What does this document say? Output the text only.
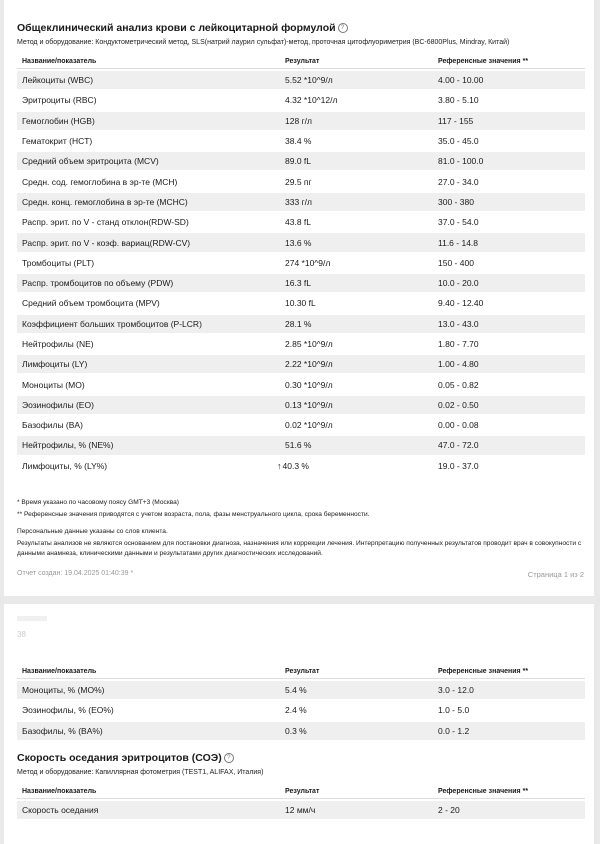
Общеклинический анализ крови с лейкоцитарной формулой ?
Метод и оборудование: Кондуктометрический метод, SLS(натрий лаурил сульфат)-метод, проточная цитофлуориметрия (BC-6800Plus, Mindray, Китай)
Название/показатель	Результат	Референсные значения **
Лейкоциты (WBC)	5.52 *10^9/л	4.00 - 10.00
Эритроциты (RBC)	4.32 *10^12/л	3.80 - 5.10
Гемоглобин (HGB)	128 г/л	117 - 155
Гематокрит (HCT)	38.4 %	35.0 - 45.0
Средний объем эритроцита (MCV)	89.0 fL	81.0 - 100.0
Средн. сод. гемоглобина в эр-те (MCH)	29.5 пг	27.0 - 34.0
Средн. конц. гемоглобина в эр-те (MCHC)	333 г/л	300 - 380
Распр. эрит. по V - станд отклон(RDW-SD)	43.8 fL	37.0 - 54.0
Распр. эрит. по V - коэф. вариац(RDW-CV)	13.6 %	11.6 - 14.8
Тромбоциты (PLT)	274 *10^9/л	150 - 400
Распр. тромбоцитов по объему (PDW)	16.3 fL	10.0 - 20.0
Средний объем тромбоцита (MPV)	10.30 fL	9.40 - 12.40
Коэффициент больших тромбоцитов (P-LCR)	28.1 %	13.0 - 43.0
Нейтрофилы (NE)	2.85 *10^9/л	1.80 - 7.70
Лимфоциты (LY)	2.22 *10^9/л	1.00 - 4.80
Моноциты (MO)	0.30 *10^9/л	0.05 - 0.82
Эозинофилы (EO)	0.13 *10^9/л	0.02 - 0.50
Базофилы (BA)	0.02 *10^9/л	0.00 - 0.08
Нейтрофилы, % (NE%)	51.6 %	47.0 - 72.0
Лимфоциты, % (LY%)	↑40.3 %	19.0 - 37.0
* Время указано по часовому поясу GMT+3 (Москва)
** Референсные значения приводятся с учетом возраста, пола, фазы менструального цикла, срока беременности.
Персональные данные указаны со слов клиента.
Результаты анализов не являются основанием для постановки диагноза, назначения или коррекции лечения. Интерпретацию полученных результатов проводит врач в совокупности с данными анамнеза, клиническими данными и результатами других диагностических исследований.
Отчет создан: 19.04.2025 01:40:39 *	Страница 1 из 2
38
Название/показатель	Результат	Референсные значения **
Моноциты, % (MO%)	5.4 %	3.0 - 12.0
Эозинофилы, % (EO%)	2.4 %	1.0 - 5.0
Базофилы, % (BA%)	0.3 %	0.0 - 1.2
Скорость оседания эритроцитов (СОЭ) ?
Метод и оборудование: Капиллярная фотометрия (TEST1, ALIFAX, Италия)
Название/показатель	Результат	Референсные значения **
Скорость оседания	12 мм/ч	2 - 20
